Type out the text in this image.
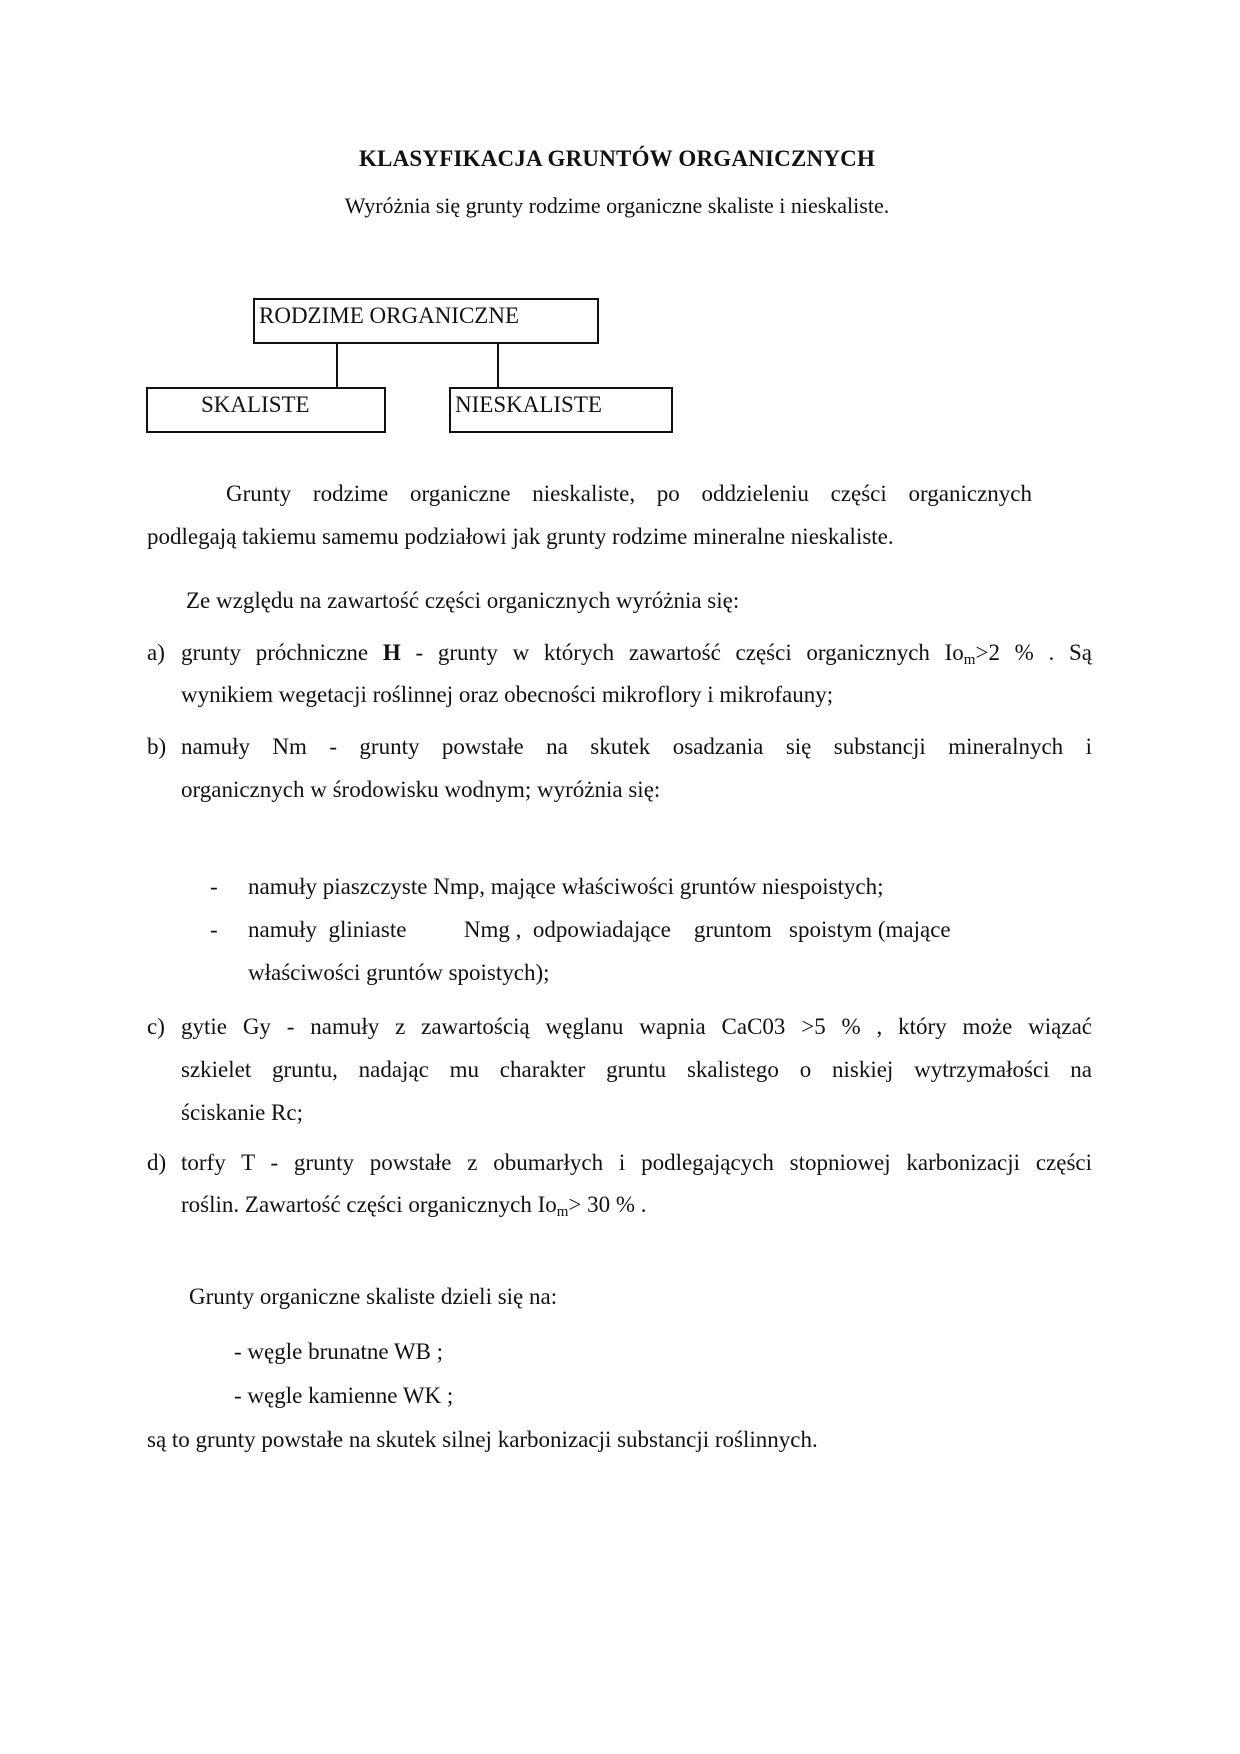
KLASYFIKACJA GRUNTÓW ORGANICZNYCH
Wyróżnia się grunty rodzime organiczne skaliste i nieskaliste.
RODZIME ORGANICZNE
SKALISTE	NIESKALISTE
Grunty rodzime organiczne nieskaliste, po oddzieleniu części organicznych
podlegają takiemu samemu podziałowi jak grunty rodzime mineralne nieskaliste.
Ze względu na zawartość części organicznych wyróżnia się:
a) grunty próchniczne H - grunty w których zawartość części organicznych $Io_m>2$ % . Są
wynikiem wegetacji roślinnej oraz obecności mikroflory i mikrofauny;
b) namuły Nm - grunty powstałe na skutek osadzania się substancji mineralnych i
organicznych w środowisku wodnym; wyróżnia się:
- namuły piaszczyste Nmp, mające właściwości gruntów niespoistych;
- namuły  gliniaste          Nmg ,  odpowiadające    gruntom   spoistym (mające
właściwości gruntów spoistych);
c) gytie Gy - namuły z zawartością węglanu wapnia CaC03 >5 % , który może wiązać
szkielet gruntu, nadając mu charakter gruntu skalistego o niskiej wytrzymałości na
ściskanie Rc;
d) torfy T - grunty powstałe z obumarłych i podlegających stopniowej karbonizacji części
roślin. Zawartość części organicznych $Io_m> 30$ % .
Grunty organiczne skaliste dzieli się na:
- węgle brunatne WB ;
- węgle kamienne WK ;
są to grunty powstałe na skutek silnej karbonizacji substancji roślinnych.
